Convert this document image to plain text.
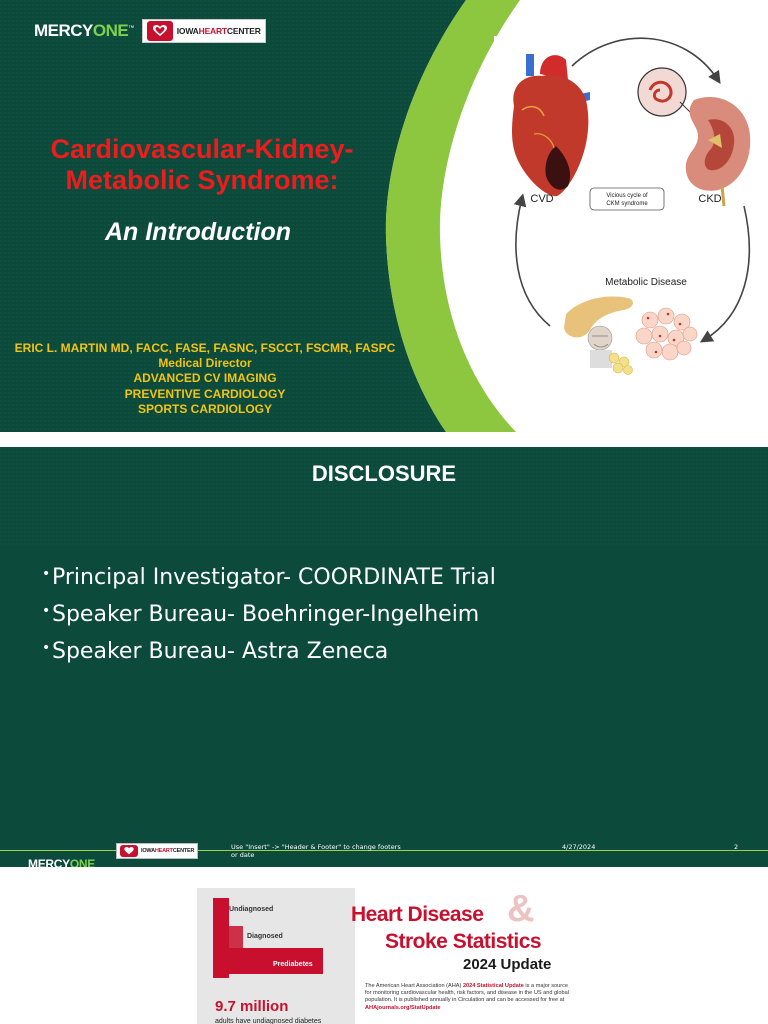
MERCYONE™	IOWAHEARTCENTER
Cardiovascular-Kidney-
Metabolic Syndrome:
An Introduction
ERIC L. MARTIN MD, FACC, FASE, FASNC, FSCCT, FSCMR, FASPC
Medical Director
ADVANCED CV IMAGING
PREVENTIVE CARDIOLOGY
SPORTS CARDIOLOGY
CVD	CKD
Vicious cycle of
CKM syndrome
Metabolic Disease
DISCLOSURE
• Principal Investigator- COORDINATE Trial
• Speaker Bureau- Boehringer-Ingelheim
• Speaker Bureau- Astra Zeneca
IOWAHEARTCENTER	Use "Insert" -> "Header & Footer" to change footers or date
4/27/2024	2
MERCYONE
Undiagnosed
Diagnosed
Prediabetes
9.7 million
adults have undiagnosed diabetes
&
Heart Disease
Stroke Statistics
2024 Update
The American Heart Association (AHA) 2024 Statistical Update is a major source for monitoring cardiovascular health, risk factors, and disease in the US and global population. It is published annually in Circulation and can be accessed for free at AHAjournals.org/StatUpdate
